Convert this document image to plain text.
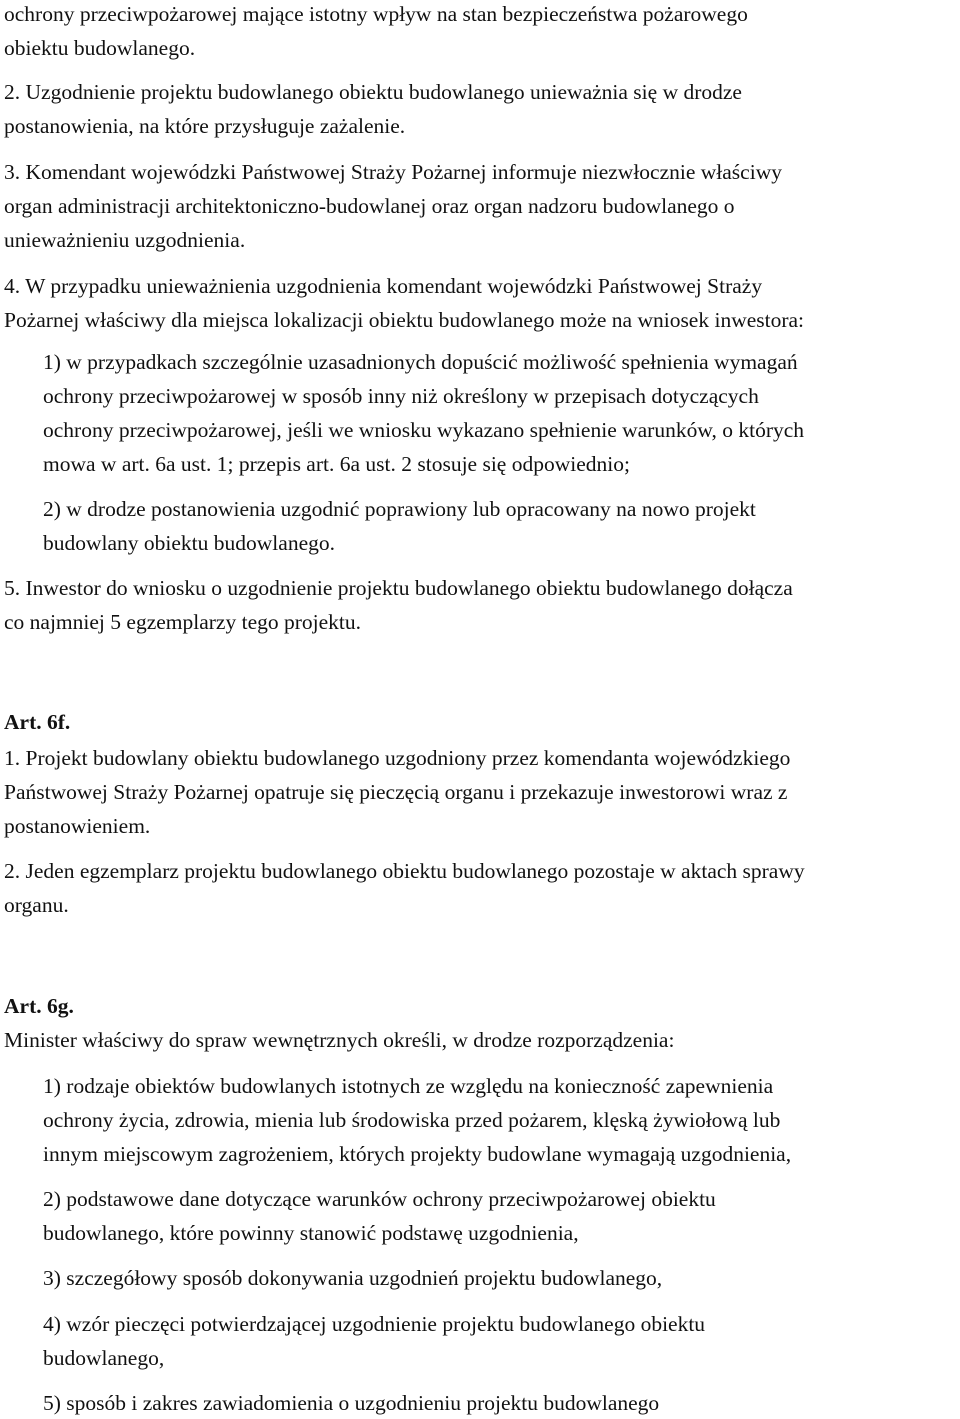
ochrony przeciwpożarowej mające istotny wpływ na stan bezpieczeństwa pożarowego
obiektu budowlanego.
2. Uzgodnienie projektu budowlanego obiektu budowlanego unieważnia się w drodze
postanowienia, na które przysługuje zażalenie.
3. Komendant wojewódzki Państwowej Straży Pożarnej informuje niezwłocznie właściwy
organ administracji architektoniczno-budowlanej oraz organ nadzoru budowlanego o
unieważnieniu uzgodnienia.
4. W przypadku unieważnienia uzgodnienia komendant wojewódzki Państwowej Straży
Pożarnej właściwy dla miejsca lokalizacji obiektu budowlanego może na wniosek inwestora:
1) w przypadkach szczególnie uzasadnionych dopuścić możliwość spełnienia wymagań
ochrony przeciwpożarowej w sposób inny niż określony w przepisach dotyczących
ochrony przeciwpożarowej, jeśli we wniosku wykazano spełnienie warunków, o których
mowa w art. 6a ust. 1; przepis art. 6a ust. 2 stosuje się odpowiednio;
2) w drodze postanowienia uzgodnić poprawiony lub opracowany na nowo projekt
budowlany obiektu budowlanego.
5. Inwestor do wniosku o uzgodnienie projektu budowlanego obiektu budowlanego dołącza
co najmniej 5 egzemplarzy tego projektu.
Art. 6f.
1. Projekt budowlany obiektu budowlanego uzgodniony przez komendanta wojewódzkiego
Państwowej Straży Pożarnej opatruje się pieczęcią organu i przekazuje inwestorowi wraz z
postanowieniem.
2. Jeden egzemplarz projektu budowlanego obiektu budowlanego pozostaje w aktach sprawy
organu.
Art. 6g.
Minister właściwy do spraw wewnętrznych określi, w drodze rozporządzenia:
1) rodzaje obiektów budowlanych istotnych ze względu na konieczność zapewnienia
ochrony życia, zdrowia, mienia lub środowiska przed pożarem, klęską żywiołową lub
innym miejscowym zagrożeniem, których projekty budowlane wymagają uzgodnienia,
2) podstawowe dane dotyczące warunków ochrony przeciwpożarowej obiektu
budowlanego, które powinny stanowić podstawę uzgodnienia,
3) szczegółowy sposób dokonywania uzgodnień projektu budowlanego,
4) wzór pieczęci potwierdzającej uzgodnienie projektu budowlanego obiektu
budowlanego,
5) sposób i zakres zawiadomienia o uzgodnieniu projektu budowlanego
